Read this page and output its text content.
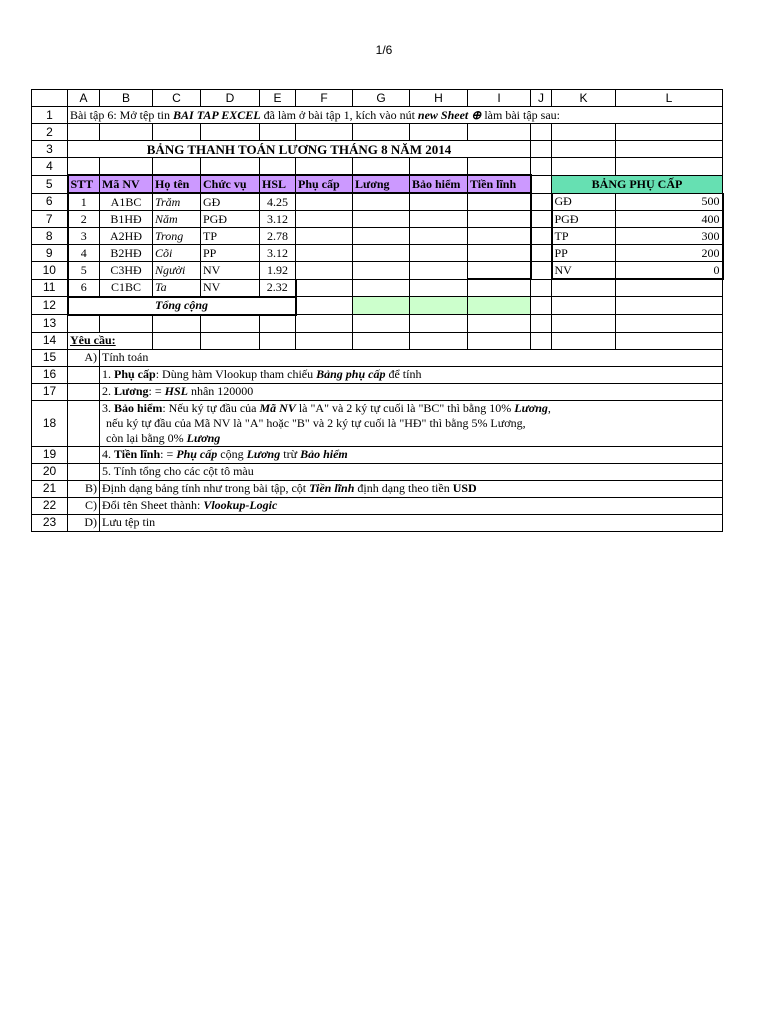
1/6
	A	B	C	D	E	F	G	H	I	J	K	L
1	Bài tập 6: Mở tệp tin BAI TAP EXCEL đã làm ở bài tập 1, kích vào nút new Sheet ⊕ làm bài tập sau:											
2												
3	BẢNG THANH TOÁN LƯƠNG THÁNG 8 NĂM 2014											
4												
5	STT	Mã NV	Họ tên	Chức vụ	HSL	Phụ cấp	Lương	Bảo hiểm	Tiền lĩnh		BẢNG PHỤ CẤP	
6	1	A1BC	Trăm	GĐ	4.25						GĐ	500
7	2	B1HĐ	Năm	PGĐ	3.12						PGĐ	400
8	3	A2HĐ	Trong	TP	2.78						TP	300
9	4	B2HĐ	Cõi	PP	3.12						PP	200
10	5	C3HĐ	Người	NV	1.92						NV	0
11	6	C1BC	Ta	NV	2.32							
12	Tổng cộng											
13												
14	Yêu cầu:											
15	A)	Tính toán										
16		1. Phụ cấp: Dùng hàm Vlookup tham chiếu Bảng phụ cấp để tính										
17		2. Lương: = HSL nhân 120000										
18		3. Bảo hiểm: Nếu ký tự đầu của Mã NV là "A" và 2 ký tự cuối là "BC" thì bằng 10% Lương,
nếu ký tự đầu của Mã NV là "A" hoặc "B" và 2 ký tự cuối là "HĐ" thì bằng 5% Lương,
còn lại bằng 0% Lương										

19		4. Tiền lĩnh: = Phụ cấp cộng Lương trừ Bảo hiểm										
20		5. Tính tổng cho các cột tô màu										
21	B)	Định dạng bảng tính như trong bài tập, cột Tiền lĩnh định dạng theo tiền USD										
22	C)	Đổi tên Sheet thành: Vlookup-Logic										
23	D)	Lưu tệp tin										
